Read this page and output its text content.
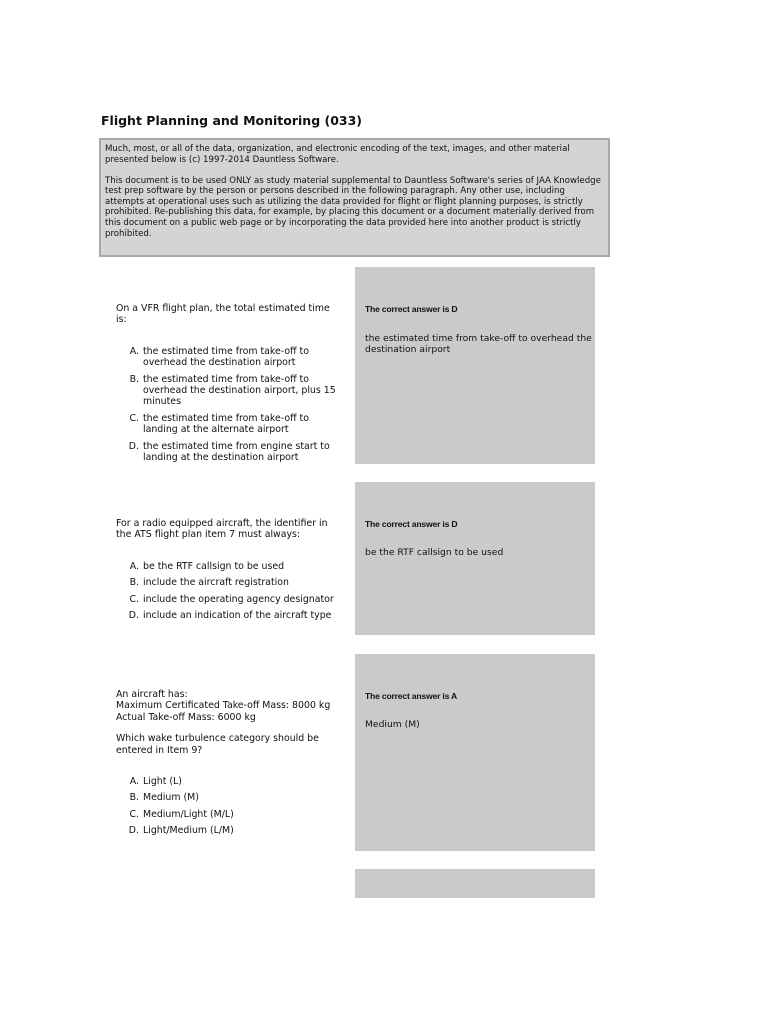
Flight Planning and Monitoring (033)

Much, most, or all of the data, organization, and electronic encoding of the text, images, and other material presented below is (c) 1997-2014 Dauntless Software.

This document is to be used ONLY as study material supplemental to Dauntless Software's series of JAA Knowledge test prep software by the person or persons described in the following paragraph. Any other use, including attempts at operational uses such as utilizing the data provided for flight or flight planning purposes, is strictly prohibited. Re-publishing this data, for example, by placing this document or a document materially derived from this document on a public web page or by incorporating the data provided here into another product is strictly prohibited.

On a VFR flight plan, the total estimated time is:

A. the estimated time from take-off to overhead the destination airport
B. the estimated time from take-off to overhead the destination airport, plus 15 minutes
C. the estimated time from take-off to landing at the alternate airport
D. the estimated time from engine start to landing at the destination airport
The correct answer is D
the estimated time from take-off to overhead the destination airport

For a radio equipped aircraft, the identifier in the ATS flight plan item 7 must always:

A. be the RTF callsign to be used
B. include the aircraft registration
C. include the operating agency designator
D. include an indication of the aircraft type
The correct answer is D
be the RTF callsign to be used

An aircraft has:
Maximum Certificated Take-off Mass: 8000 kg
Actual Take-off Mass: 6000 kg

Which wake turbulence category should be entered in Item 9?

A. Light (L)
B. Medium (M)
C. Medium/Light (M/L)
D. Light/Medium (L/M)
The correct answer is A
Medium (M)
